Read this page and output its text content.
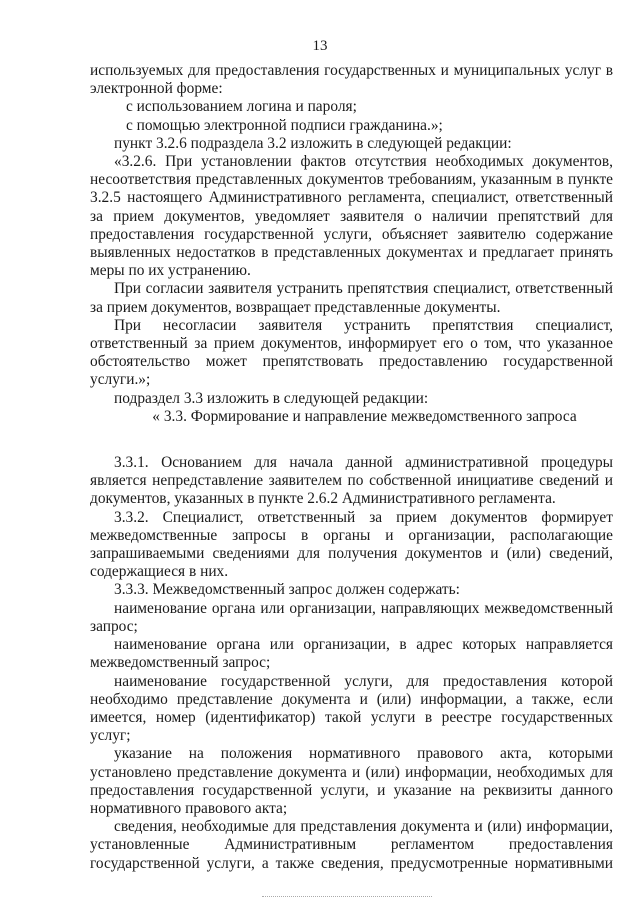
13

используемых для предоставления государственных и муниципальных услуг в электронной форме:

с использованием логина и пароля;

с помощью электронной подписи гражданина.»;

пункт 3.2.6 подраздела 3.2 изложить в следующей редакции:

«3.2.6. При установлении фактов отсутствия необходимых документов, несоответствия представленных документов требованиям, указанным в пункте 3.2.5 настоящего Административного регламента, специалист, ответственный за прием документов, уведомляет заявителя о наличии препятствий для предоставления государственной услуги, объясняет заявителю содержание выявленных недостатков в представленных документах и предлагает принять меры по их устранению.

При согласии заявителя устранить препятствия специалист, ответственный за прием документов, возвращает представленные документы.

При несогласии заявителя устранить препятствия специалист, ответственный за прием документов, информирует его о том, что указанное обстоятельство может препятствовать предоставлению государственной услуги.»;

подраздел 3.3 изложить в следующей редакции:

« 3.3. Формирование и направление межведомственного запроса

3.3.1. Основанием для начала данной административной процедуры является непредставление заявителем по собственной инициативе сведений и документов, указанных в пункте 2.6.2 Административного регламента.

3.3.2. Специалист, ответственный за прием документов формирует межведомственные запросы в органы и организации, располагающие запрашиваемыми сведениями для получения документов и (или) сведений, содержащиеся в них.

3.3.3. Межведомственный запрос должен содержать:

наименование органа или организации, направляющих межведомственный запрос;

наименование органа или организации, в адрес которых направляется межведомственный запрос;

наименование государственной услуги, для предоставления которой необходимо представление документа и (или) информации, а также, если имеется, номер (идентификатор) такой услуги в реестре государственных услуг;

указание на положения нормативного правового акта, которыми установлено представление документа и (или) информации, необходимых для предоставления государственной услуги, и указание на реквизиты данного нормативного правового акта;

сведения, необходимые для представления документа и (или) информации, установленные Административным регламентом предоставления государственной услуги, а также сведения, предусмотренные нормативными
